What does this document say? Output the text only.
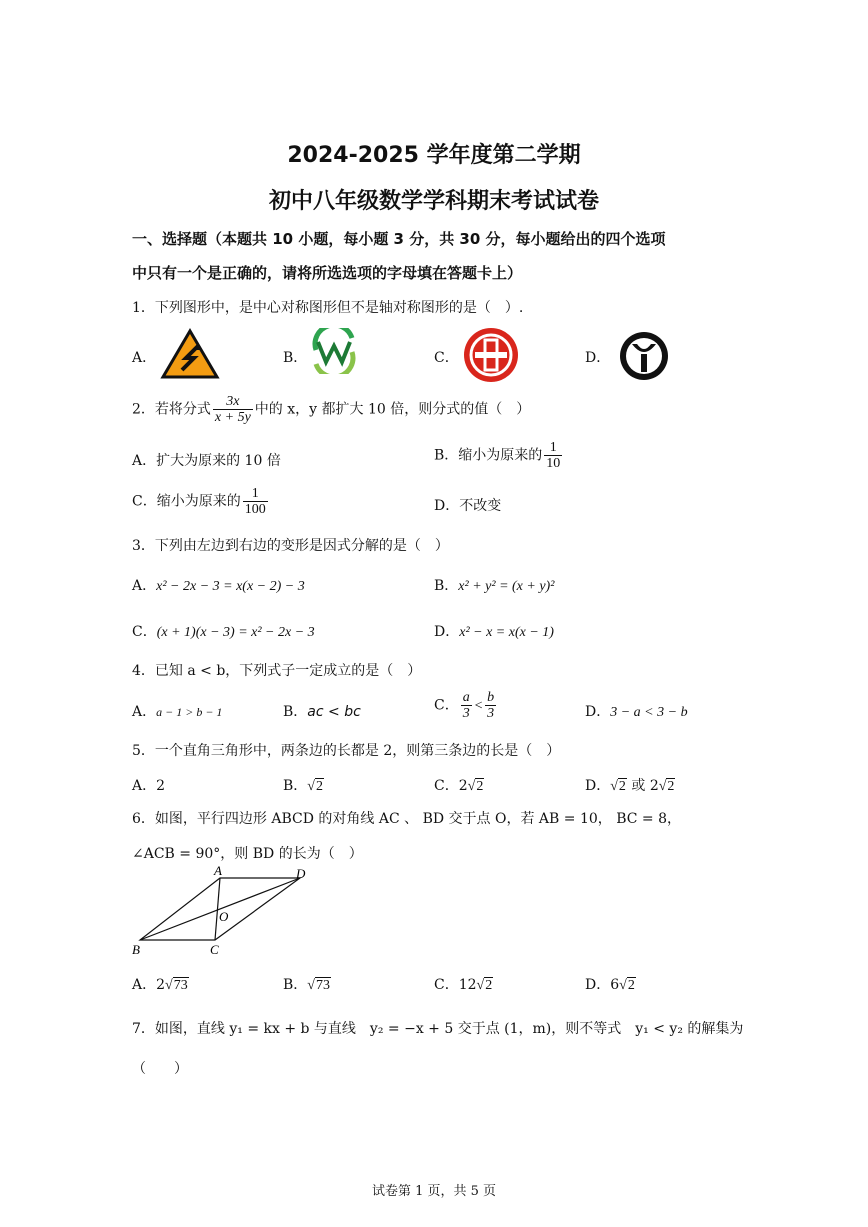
2024-2025 学年度第二学期
初中八年级数学学科期末考试试卷
一、选择题（本题共 10 小题，每小题 3 分，共 30 分，每小题给出的四个选项
中只有一个是正确的，请将所选选项的字母填在答题卡上）
1．下列图形中，是中心对称图形但不是轴对称图形的是（　）.
A．	B．	C．	D．
2．若将分式 $\frac{3x}{x + 5y}$ 中的 x，y 都扩大 10 倍，则分式的值（　）
A．扩大为原来的 10 倍	B．缩小为原来的 $\frac{1}{10}$
C．缩小为原来的 $\frac{1}{100}$	D．不改变
3．下列由左边到右边的变形是因式分解的是（　）
A．x² − 2x − 3 = x(x − 2) − 3	B．x² + y² = (x + y)²
C．(x + 1)(x − 3) = x² − 2x − 3	D．x² − x = x(x − 1)
4．已知 a < b，下列式子一定成立的是（　）
A．a − 1 > b − 1	B．ac < bc	C． $\frac{a}{3} < \frac{b}{3}$	D．3 − a < 3 − b
5．一个直角三角形中，两条边的长都是 2，则第三条边的长是（　）
A．2	B．√2	C．2√2	D．√2 或 2√2
6．如图，平行四边形 ABCD 的对角线 AC 、 BD 交于点 O，若 AB = 10， BC = 8，
∠ACB = 90°，则 BD 的长为（　）
A	D
O
B	C
A．2√73	B．√73	C．12√2	D．6√2
7．如图，直线 y₁ = kx + b 与直线　y₂ = −x + 5 交于点 (1，m)，则不等式　y₁ < y₂ 的解集为
（　　）
试卷第 1 页，共 5 页
